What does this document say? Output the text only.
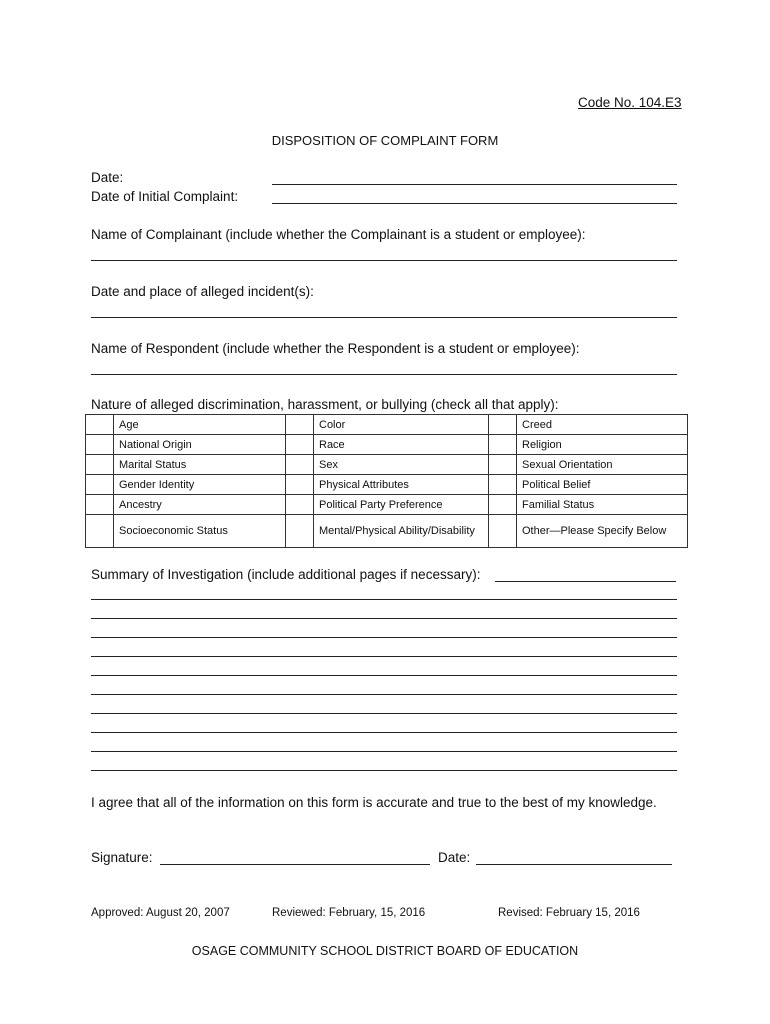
Code No. 104.E3
DISPOSITION OF COMPLAINT FORM
Date:
Date of Initial Complaint:
Name of Complainant (include whether the Complainant is a student or employee):
Date and place of alleged incident(s):
Name of Respondent (include whether the Respondent is a student or employee):
Nature of alleged discrimination, harassment, or bullying (check all that apply):

	Age		Color		Creed

	National Origin		Race		Religion

	Marital Status		Sex		Sexual Orientation

	Gender Identity		Physical Attributes		Political Belief

	Ancestry		Political Party Preference		Familial Status

	Socioeconomic Status		Mental/Physical Ability/Disability		Other—Please Specify Below
Summary of Investigation (include additional pages if necessary):
I agree that all of the information on this form is accurate and true to the best of my knowledge.
Signature:	Date:
Approved: August 20, 2007	Reviewed: February, 15, 2016	Revised: February 15, 2016
OSAGE COMMUNITY SCHOOL DISTRICT BOARD OF EDUCATION
